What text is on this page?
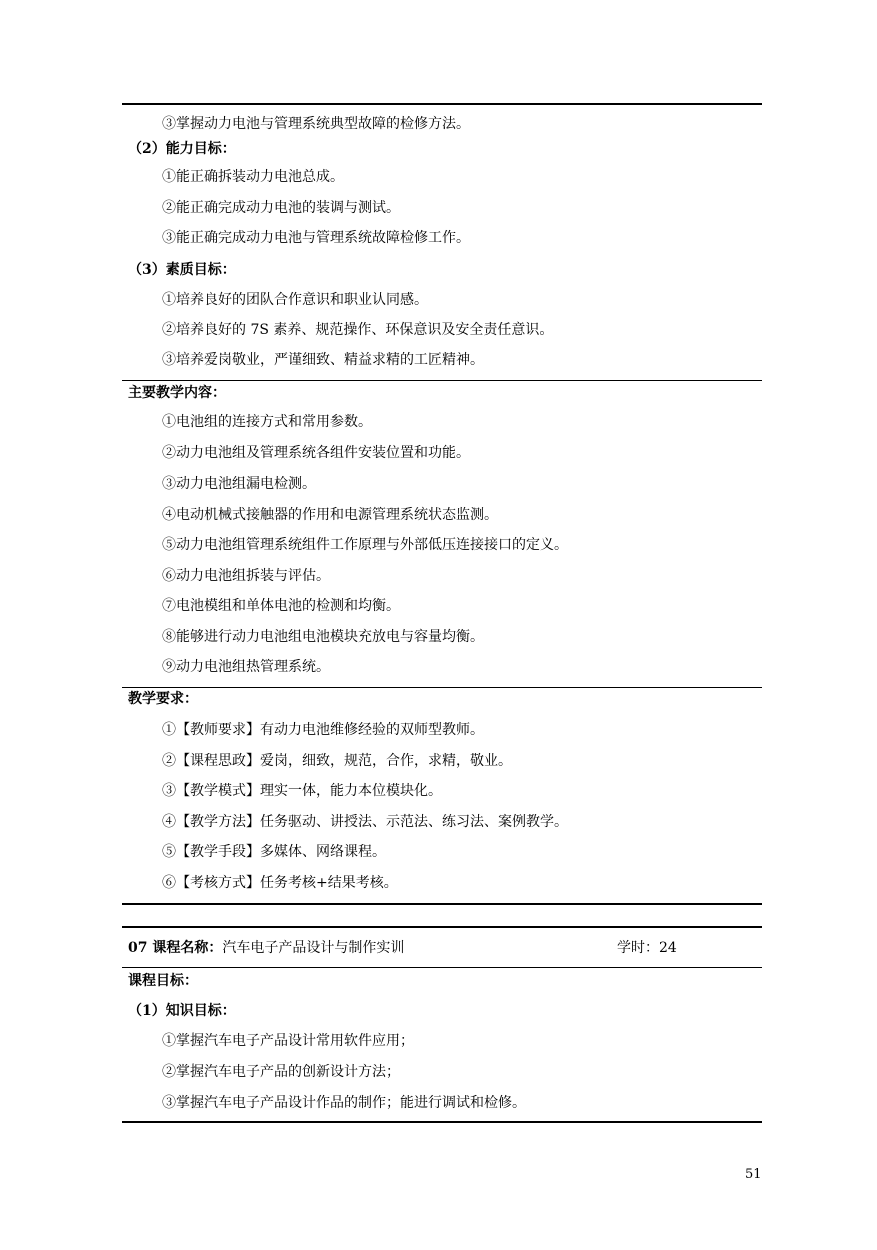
③掌握动力电池与管理系统典型故障的检修方法。
（2）能力目标：
①能正确拆装动力电池总成。
②能正确完成动力电池的装调与测试。
③能正确完成动力电池与管理系统故障检修工作。
（3）素质目标：
①培养良好的团队合作意识和职业认同感。
②培养良好的 7S 素养、规范操作、环保意识及安全责任意识。
③培养爱岗敬业，严谨细致、精益求精的工匠精神。
主要教学内容：
①电池组的连接方式和常用参数。
②动力电池组及管理系统各组件安装位置和功能。
③动力电池组漏电检测。
④电动机械式接触器的作用和电源管理系统状态监测。
⑤动力电池组管理系统组件工作原理与外部低压连接接口的定义。
⑥动力电池组拆装与评估。
⑦电池模组和单体电池的检测和均衡。
⑧能够进行动力电池组电池模块充放电与容量均衡。
⑨动力电池组热管理系统。
教学要求：
①【教师要求】有动力电池维修经验的双师型教师。
②【课程思政】爱岗，细致，规范，合作，求精，敬业。
③【教学模式】理实一体，能力本位模块化。
④【教学方法】任务驱动、讲授法、示范法、练习法、案例教学。
⑤【教学手段】多媒体、网络课程。
⑥【考核方式】任务考核+结果考核。
07 课程名称：汽车电子产品设计与制作实训	学时：24
课程目标：
（1）知识目标：
①掌握汽车电子产品设计常用软件应用；
②掌握汽车电子产品的创新设计方法；
③掌握汽车电子产品设计作品的制作；能进行调试和检修。
51
